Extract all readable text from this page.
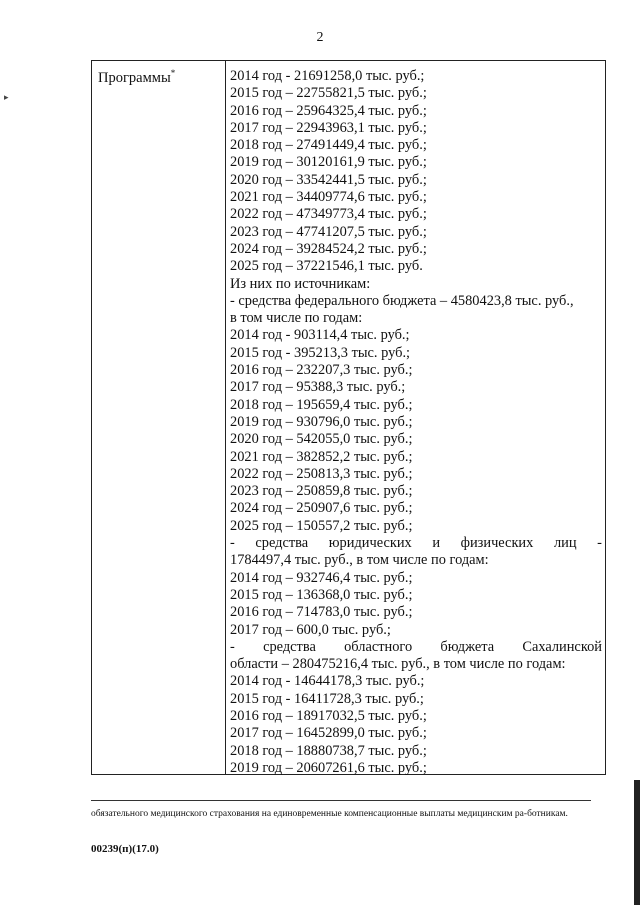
2
▸
Программы*	2014 год - 21691258,0 тыс. руб.;
2015 год – 22755821,5 тыс. руб.;
2016 год – 25964325,4 тыс. руб.;
2017 год – 22943963,1 тыс. руб.;
2018 год – 27491449,4 тыс. руб.;
2019 год – 30120161,9 тыс. руб.;
2020 год – 33542441,5 тыс. руб.;
2021 год – 34409774,6 тыс. руб.;
2022 год – 47349773,4 тыс. руб.;
2023 год – 47741207,5 тыс. руб.;
2024 год – 39284524,2 тыс. руб.;
2025 год – 37221546,1 тыс. руб.
Из них по источникам:
- средства федерального бюджета – 4580423,8 тыс. руб.,
в том числе по годам:
2014 год - 903114,4 тыс. руб.;
2015 год - 395213,3 тыс. руб.;
2016 год – 232207,3 тыс. руб.;
2017 год – 95388,3 тыс. руб.;
2018 год – 195659,4 тыс. руб.;
2019 год – 930796,0 тыс. руб.;
2020 год – 542055,0 тыс. руб.;
2021 год – 382852,2 тыс. руб.;
2022 год – 250813,3 тыс. руб.;
2023 год – 250859,8 тыс. руб.;
2024 год – 250907,6 тыс. руб.;
2025 год – 150557,2 тыс. руб.;
- средства юридических и физических лиц -
1784497,4 тыс. руб., в том числе по годам:
2014 год – 932746,4 тыс. руб.;
2015 год – 136368,0 тыс. руб.;
2016 год – 714783,0 тыс. руб.;
2017 год – 600,0 тыс. руб.;
- средства областного бюджета Сахалинской
области – 280475216,4 тыс. руб., в том числе по годам:
2014 год - 14644178,3 тыс. руб.;
2015 год - 16411728,3 тыс. руб.;
2016 год – 18917032,5 тыс. руб.;
2017 год – 16452899,0 тыс. руб.;
2018 год – 18880738,7 тыс. руб.;
2019 год – 20607261,6 тыс. руб.;
обязательного медицинского страхования на единовременные компенсационные выплаты медицинским ра-ботникам.
00239(п)(17.0)
